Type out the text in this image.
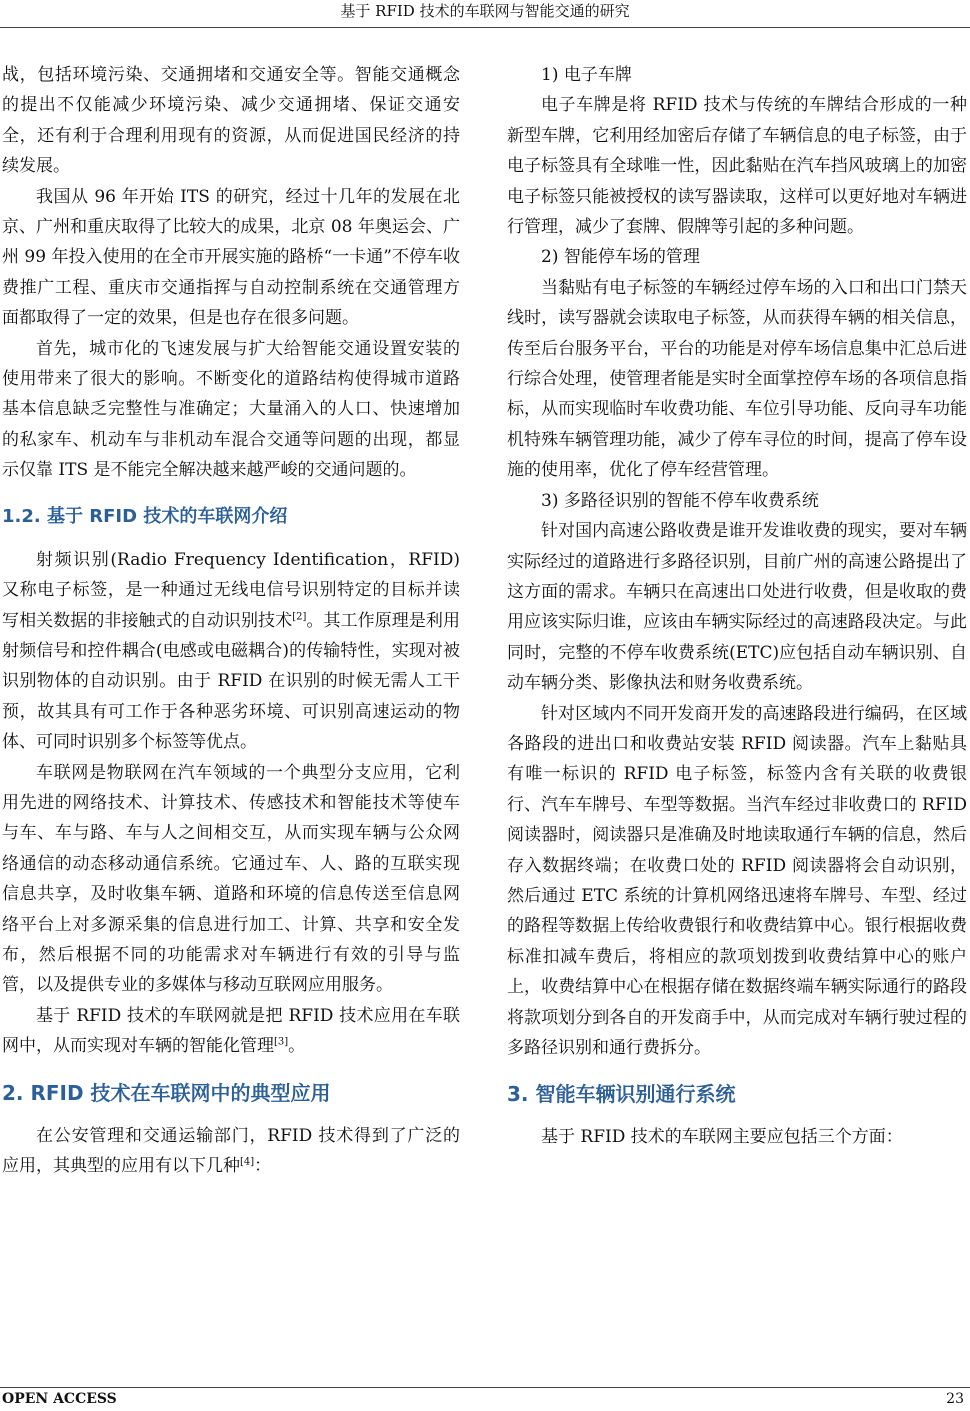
基于 RFID 技术的车联网与智能交通的研究

战，包括环境污染、交通拥堵和交通安全等。智能交通概念的提出不仅能减少环境污染、减少交通拥堵、保证交通安全，还有利于合理利用现有的资源，从而促进国民经济的持续发展。

我国从 96 年开始 ITS 的研究，经过十几年的发展在北京、广州和重庆取得了比较大的成果，北京 08 年奥运会、广州 99 年投入使用的在全市开展实施的路桥“一卡通”不停车收费推广工程、重庆市交通指挥与自动控制系统在交通管理方面都取得了一定的效果，但是也存在很多问题。

首先，城市化的飞速发展与扩大给智能交通设置安装的使用带来了很大的影响。不断变化的道路结构使得城市道路基本信息缺乏完整性与准确定；大量涌入的人口、快速增加的私家车、机动车与非机动车混合交通等问题的出现，都显示仅靠 ITS 是不能完全解决越来越严峻的交通问题的。

1.2. 基于 RFID 技术的车联网介绍

射频识别(Radio Frequency Identification，RFID)又称电子标签，是一种通过无线电信号识别特定的目标并读写相关数据的非接触式的自动识别技术[2]。其工作原理是利用射频信号和控件耦合(电感或电磁耦合)的传输特性，实现对被识别物体的自动识别。由于 RFID 在识别的时候无需人工干预，故其具有可工作于各种恶劣环境、可识别高速运动的物体、可同时识别多个标签等优点。

车联网是物联网在汽车领域的一个典型分支应用，它利用先进的网络技术、计算技术、传感技术和智能技术等使车与车、车与路、车与人之间相交互，从而实现车辆与公众网络通信的动态移动通信系统。它通过车、人、路的互联实现信息共享，及时收集车辆、道路和环境的信息传送至信息网络平台上对多源采集的信息进行加工、计算、共享和安全发布，然后根据不同的功能需求对车辆进行有效的引导与监管，以及提供专业的多媒体与移动互联网应用服务。

基于 RFID 技术的车联网就是把 RFID 技术应用在车联网中，从而实现对车辆的智能化管理[3]。

2. RFID 技术在车联网中的典型应用

在公安管理和交通运输部门，RFID 技术得到了广泛的应用，其典型的应用有以下几种[4]：

1) 电子车牌

电子车牌是将 RFID 技术与传统的车牌结合形成的一种新型车牌，它利用经加密后存储了车辆信息的电子标签，由于电子标签具有全球唯一性，因此黏贴在汽车挡风玻璃上的加密电子标签只能被授权的读写器读取，这样可以更好地对车辆进行管理，减少了套牌、假牌等引起的多种问题。

2) 智能停车场的管理

当黏贴有电子标签的车辆经过停车场的入口和出口门禁天线时，读写器就会读取电子标签，从而获得车辆的相关信息，传至后台服务平台，平台的功能是对停车场信息集中汇总后进行综合处理，使管理者能是实时全面掌控停车场的各项信息指标，从而实现临时车收费功能、车位引导功能、反向寻车功能机特殊车辆管理功能，减少了停车寻位的时间，提高了停车设施的使用率，优化了停车经营管理。

3) 多路径识别的智能不停车收费系统

针对国内高速公路收费是谁开发谁收费的现实，要对车辆实际经过的道路进行多路径识别，目前广州的高速公路提出了这方面的需求。车辆只在高速出口处进行收费，但是收取的费用应该实际归谁，应该由车辆实际经过的高速路段决定。与此同时，完整的不停车收费系统(ETC)应包括自动车辆识别、自动车辆分类、影像执法和财务收费系统。

针对区域内不同开发商开发的高速路段进行编码，在区域各路段的进出口和收费站安装 RFID 阅读器。汽车上黏贴具有唯一标识的 RFID 电子标签，标签内含有关联的收费银行、汽车车牌号、车型等数据。当汽车经过非收费口的 RFID 阅读器时，阅读器只是准确及时地读取通行车辆的信息，然后存入数据终端；在收费口处的 RFID 阅读器将会自动识别，然后通过 ETC 系统的计算机网络迅速将车牌号、车型、经过的路程等数据上传给收费银行和收费结算中心。银行根据收费标准扣减车费后，将相应的款项划拨到收费结算中心的账户上，收费结算中心在根据存储在数据终端车辆实际通行的路段将款项划分到各自的开发商手中，从而完成对车辆行驶过程的多路径识别和通行费拆分。

3. 智能车辆识别通行系统

基于 RFID 技术的车联网主要应包括三个方面：

OPEN ACCESS	23
